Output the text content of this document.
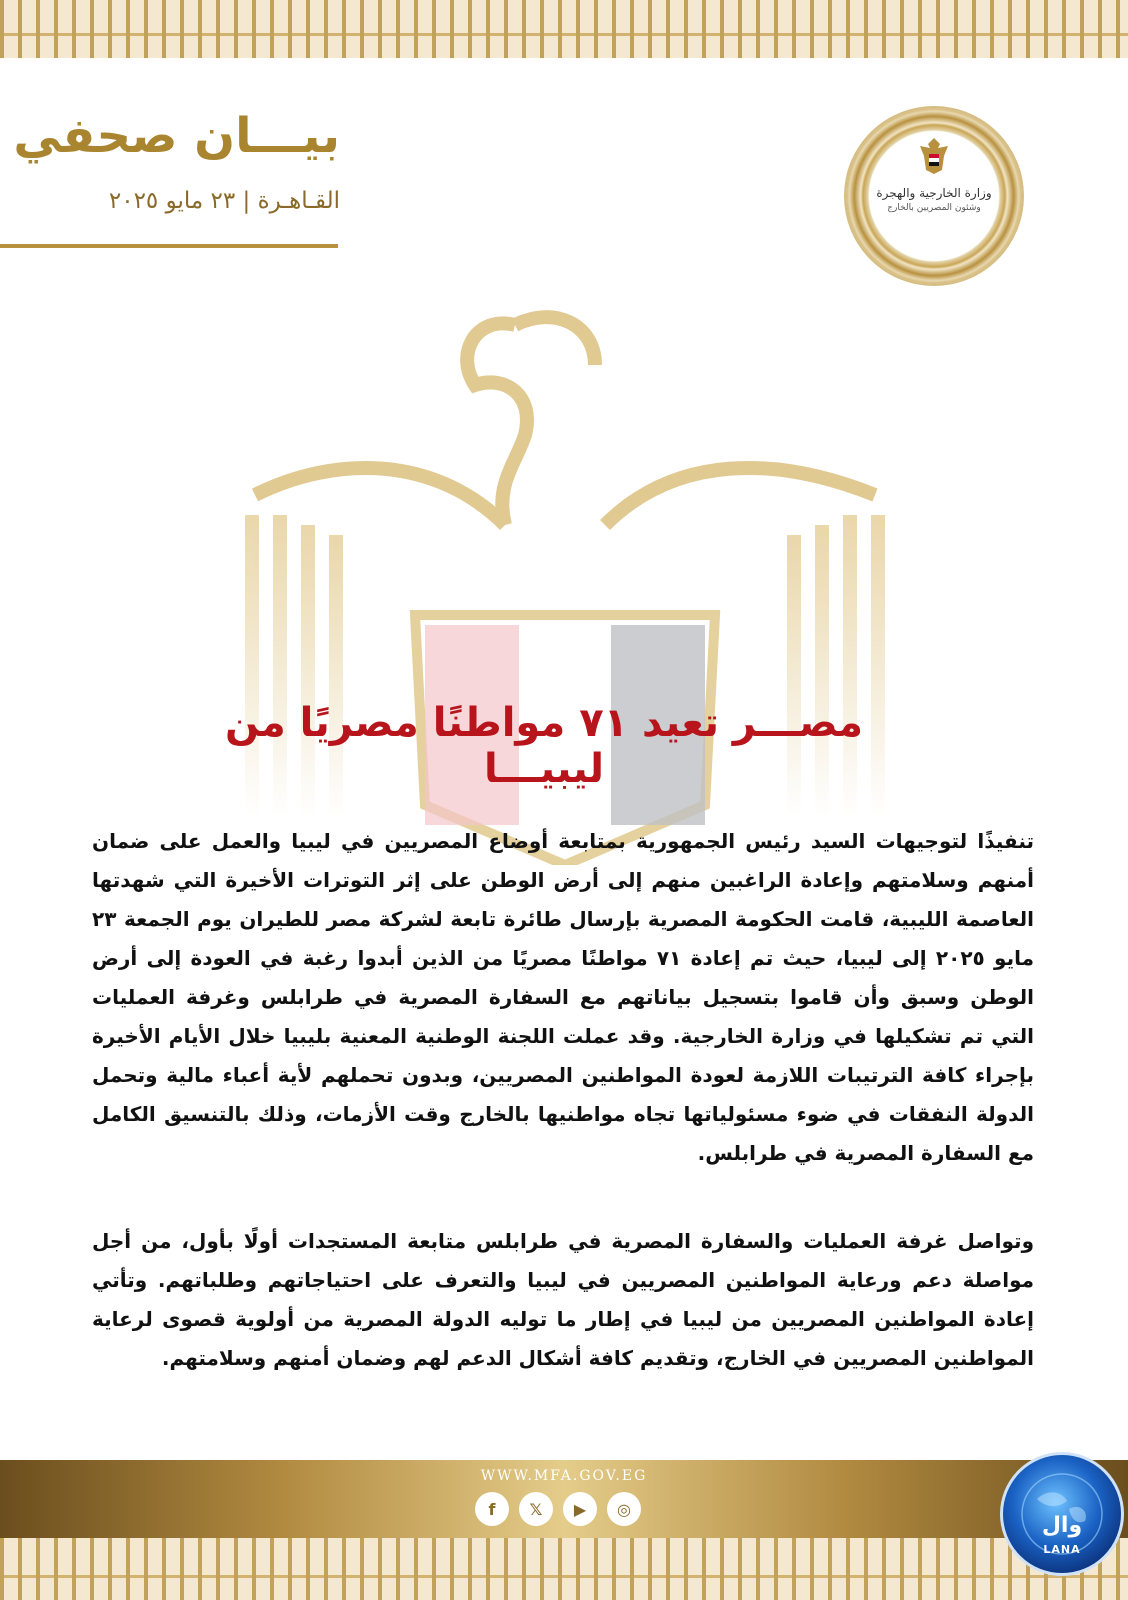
بيـــان صحفي
القـاهـرة | ٢٣ مايو ٢٠٢٥	وزارة الخارجية والهجرة
وشئون المصريين بالخارج
مصـــر تعيد ٧١ مواطنًا مصريًا من ليبيـــا
تنفيذًا لتوجيهات السيد رئيس الجمهورية بمتابعة أوضاع المصريين في ليبيا والعمل على ضمان أمنهم وسلامتهم وإعادة الراغبين منهم إلى أرض الوطن على إثر التوترات الأخيرة التي شهدتها العاصمة الليبية، قامت الحكومة المصرية بإرسال طائرة تابعة لشركة مصر للطيران يوم الجمعة ٢٣ مايو ٢٠٢٥ إلى ليبيا، حيث تم إعادة ٧١ مواطنًا مصريًا من الذين أبدوا رغبة في العودة إلى أرض الوطن وسبق وأن قاموا بتسجيل بياناتهم مع السفارة المصرية في طرابلس وغرفة العمليات التي تم تشكيلها في وزارة الخارجية. وقد عملت اللجنة الوطنية المعنية بليبيا خلال الأيام الأخيرة بإجراء كافة الترتيبات اللازمة لعودة المواطنين المصريين، وبدون تحملهم لأية أعباء مالية وتحمل الدولة النفقات في ضوء مسئولياتها تجاه مواطنيها بالخارج وقت الأزمات، وذلك بالتنسيق الكامل مع السفارة المصرية في طرابلس.
وتواصل غرفة العمليات والسفارة المصرية في طرابلس متابعة المستجدات أولًا بأول، من أجل مواصلة دعم ورعاية المواطنين المصريين في ليبيا والتعرف على احتياجاتهم وطلباتهم. وتأتي إعادة المواطنين المصريين من ليبيا في إطار ما توليه الدولة المصرية من أولوية قصوى لرعاية المواطنين المصريين في الخارج، وتقديم كافة أشكال الدعم لهم وضمان أمنهم وسلامتهم.
WWW.MFA.GOV.EG
f	𝕏	▶	◎
وال
LANA
